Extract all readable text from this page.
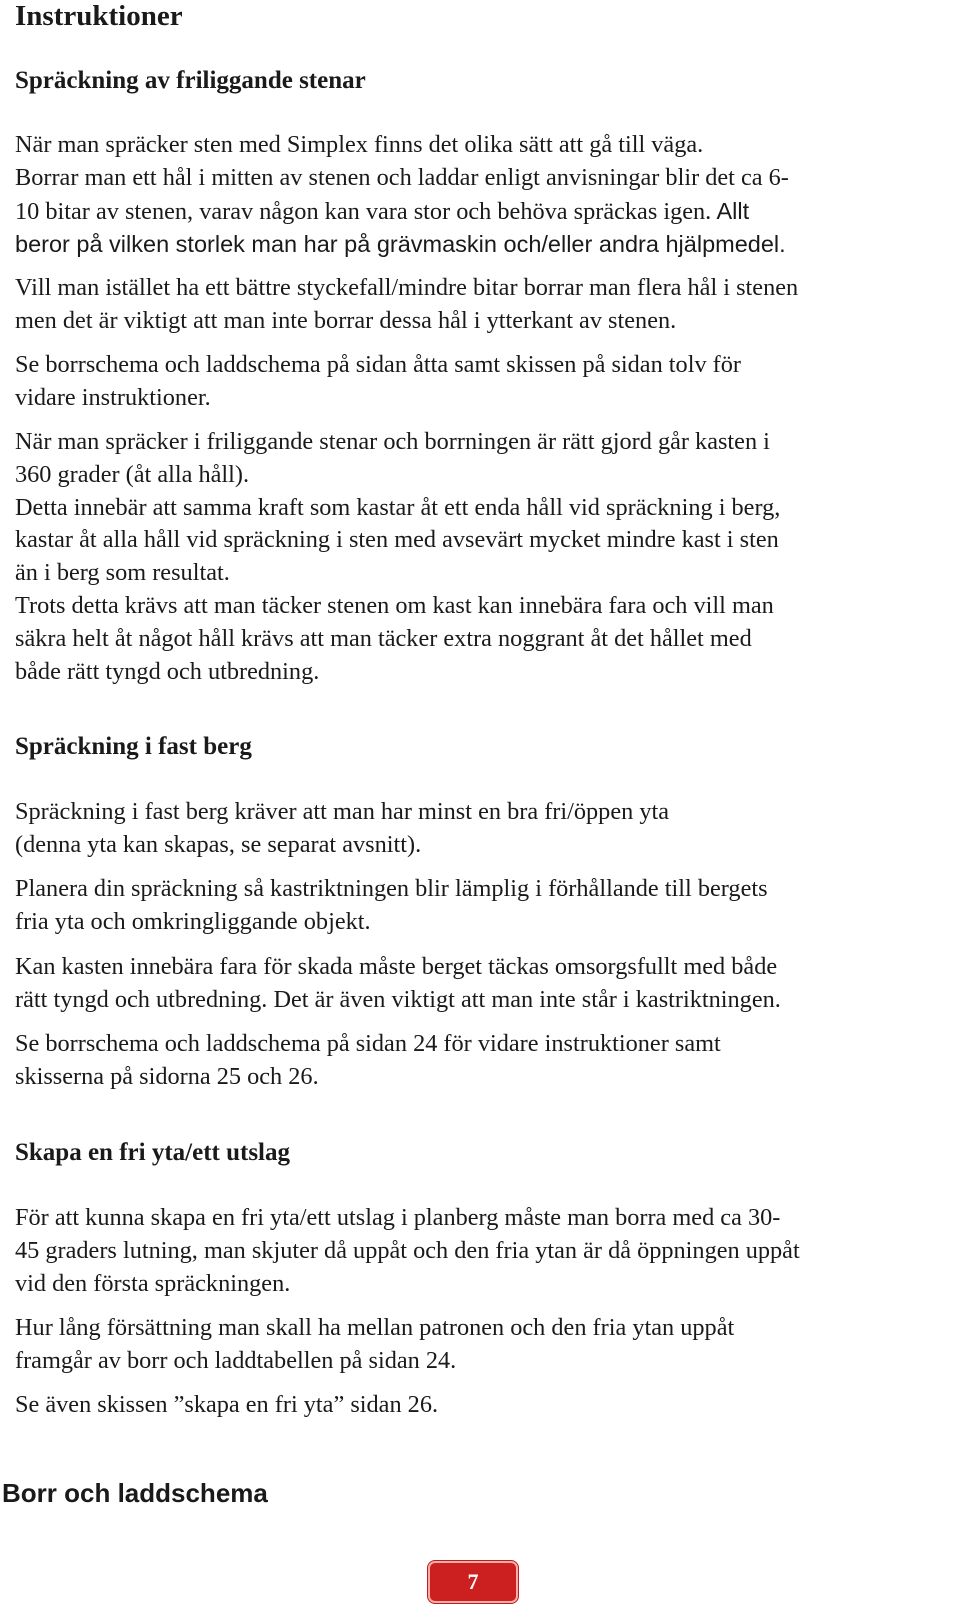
Instruktioner
Spräckning av friliggande stenar

När man spräcker sten med Simplex finns det olika sätt att gå till väga.
Borrar man ett hål i mitten av stenen och laddar enligt anvisningar blir det ca 6-
10 bitar av stenen, varav någon kan vara stor och behöva spräckas igen. Allt
beror på vilken storlek man har på grävmaskin och/eller andra hjälpmedel.

Vill man istället ha ett bättre styckefall/mindre bitar borrar man flera hål i stenen
men det är viktigt att man inte borrar dessa hål i ytterkant av stenen.

Se borrschema och laddschema på sidan åtta samt skissen på sidan tolv för
vidare instruktioner.

När man spräcker i friliggande stenar och borrningen är rätt gjord går kasten i
360 grader (åt alla håll).
Detta innebär att samma kraft som kastar åt ett enda håll vid spräckning i berg,
kastar åt alla håll vid spräckning i sten med avsevärt mycket mindre kast i sten
än i berg som resultat.
Trots detta krävs att man täcker stenen om kast kan innebära fara och vill man
säkra helt åt något håll krävs att man täcker extra noggrant åt det hållet med
både rätt tyngd och utbredning.

Spräckning i fast berg

Spräckning i fast berg kräver att man har minst en bra fri/öppen yta
(denna yta kan skapas, se separat avsnitt).

Planera din spräckning så kastriktningen blir lämplig i förhållande till bergets
fria yta och omkringliggande objekt.

Kan kasten innebära fara för skada måste berget täckas omsorgsfullt med både
rätt tyngd och utbredning. Det är även viktigt att man inte står i kastriktningen.

Se borrschema och laddschema på sidan 24 för vidare instruktioner samt
skisserna på sidorna 25 och 26.

Skapa en fri yta/ett utslag

För att kunna skapa en fri yta/ett utslag i planberg måste man borra med ca 30-
45 graders lutning, man skjuter då uppåt och den fria ytan är då öppningen uppåt
vid den första spräckningen.

Hur lång försättning man skall ha mellan patronen och den fria ytan uppåt
framgår av borr och laddtabellen på sidan 24.

Se även skissen ”skapa en fri yta” sidan 26.

Borr och laddschema
7
